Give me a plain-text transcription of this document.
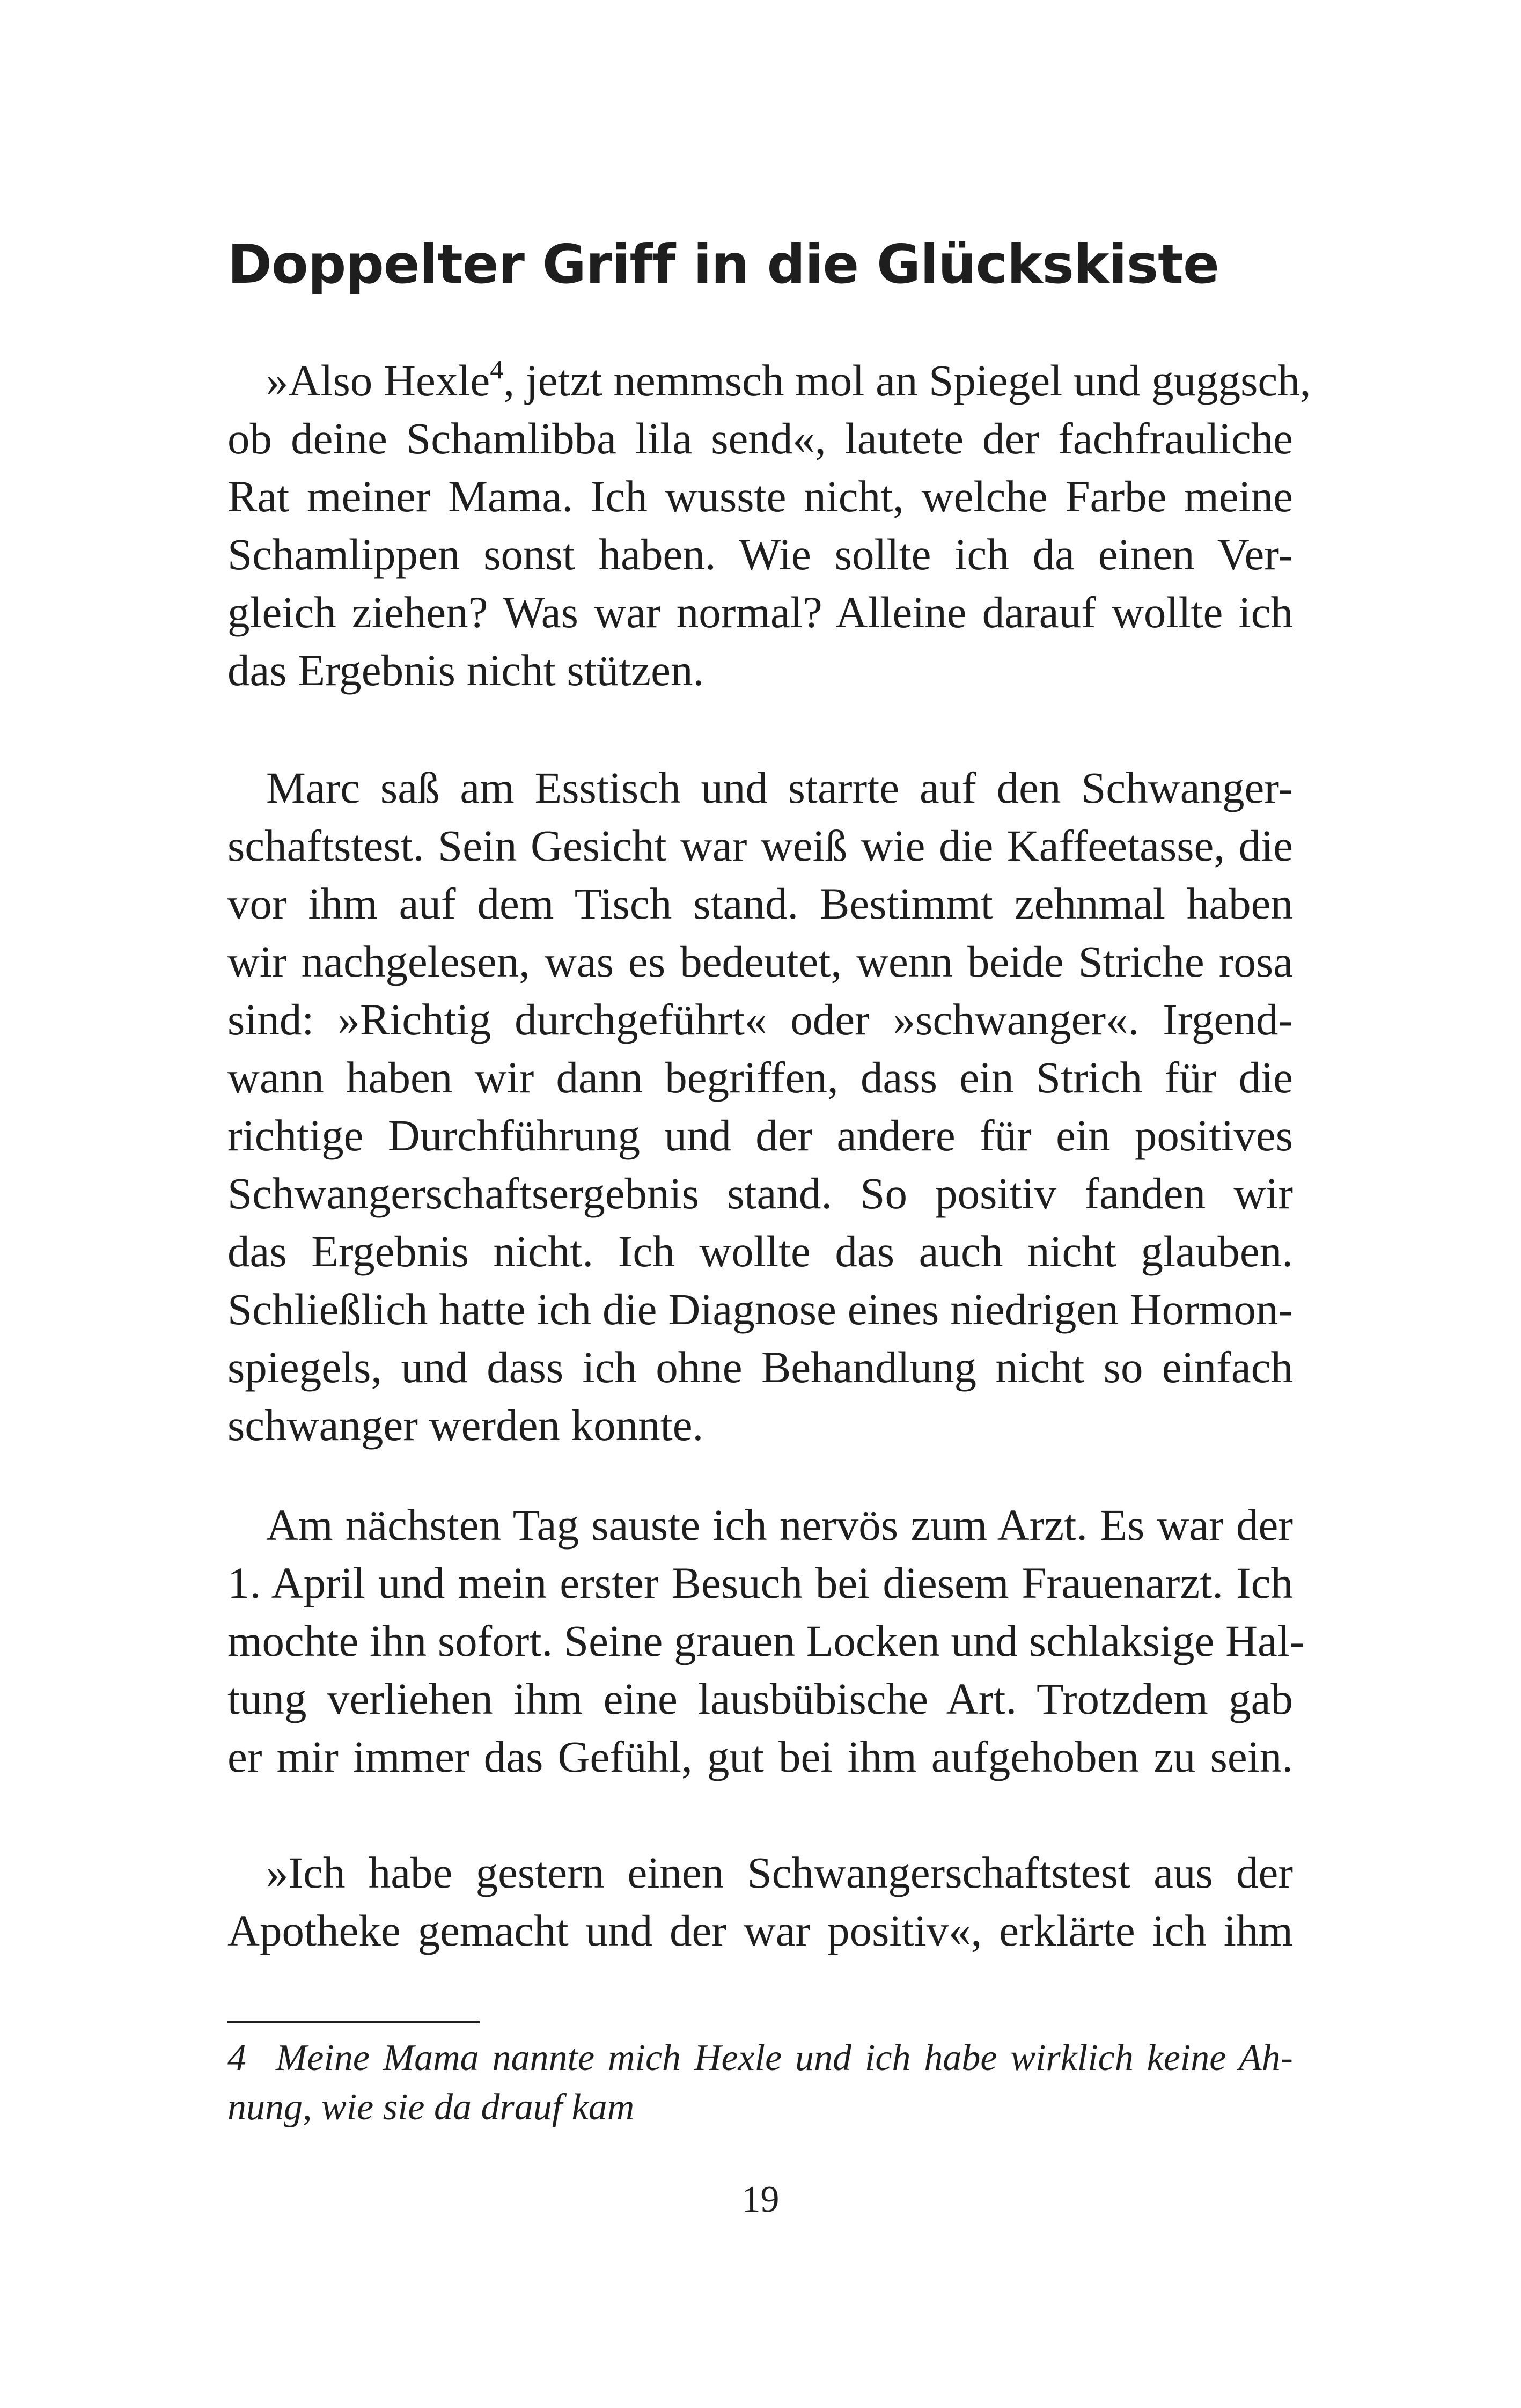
Doppelter Griff in die Glückskiste
»Also Hexle$^4$, jetzt nemmsch mol an Spiegel und guggsch,
ob deine Schamlibba lila send«, lautete der fachfrauliche
Rat meiner Mama. Ich wusste nicht, welche Farbe meine
Schamlippen sonst haben. Wie sollte ich da einen Ver-
gleich ziehen? Was war normal? Alleine darauf wollte ich
das Ergebnis nicht stützen.
Marc saß am Esstisch und starrte auf den Schwanger-
schaftstest. Sein Gesicht war weiß wie die Kaffeetasse, die
vor ihm auf dem Tisch stand. Bestimmt zehnmal haben
wir nachgelesen, was es bedeutet, wenn beide Striche rosa
sind: »Richtig durchgeführt« oder »schwanger«. Irgend-
wann haben wir dann begriffen, dass ein Strich für die
richtige Durchführung und der andere für ein positives
Schwangerschaftsergebnis stand. So positiv fanden wir
das Ergebnis nicht. Ich wollte das auch nicht glauben.
Schließlich hatte ich die Diagnose eines niedrigen Hormon-
spiegels, und dass ich ohne Behandlung nicht so einfach
schwanger werden konnte.
Am nächsten Tag sauste ich nervös zum Arzt. Es war der
1. April und mein erster Besuch bei diesem Frauenarzt. Ich
mochte ihn sofort. Seine grauen Locken und schlaksige Hal-
tung verliehen ihm eine lausbübische Art. Trotzdem gab
er mir immer das Gefühl, gut bei ihm aufgehoben zu sein.
»Ich habe gestern einen Schwangerschaftstest aus der
Apotheke gemacht und der war positiv«, erklärte ich ihm
4 Meine Mama nannte mich Hexle und ich habe wirklich keine Ah-
nung, wie sie da drauf kam
19
